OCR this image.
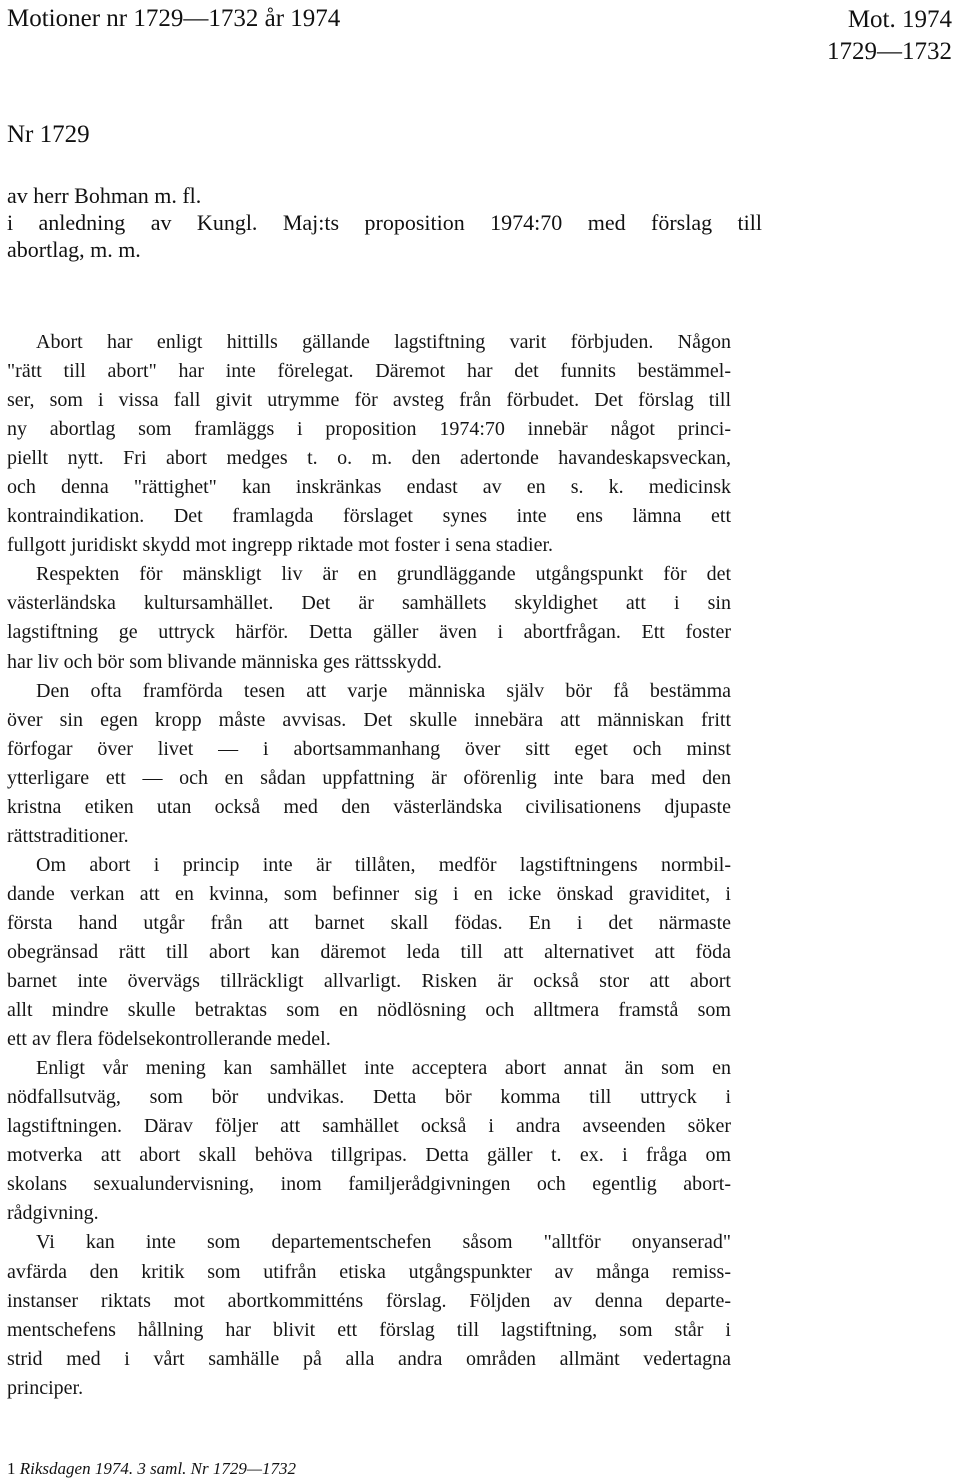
Motioner nr 1729—1732 år 1974	Mot. 1974
1729—1732
Nr 1729
av herr Bohman m. fl.
i anledning av Kungl. Maj:ts proposition 1974:70 med förslag till
abortlag, m. m.
Abort har enligt hittills gällande lagstiftning varit förbjuden. Någon
"rätt till abort" har inte förelegat. Däremot har det funnits bestämmel-
ser, som i vissa fall givit utrymme för avsteg från förbudet. Det förslag till
ny abortlag som framläggs i proposition 1974:70 innebär något princi-
piellt nytt. Fri abort medges t. o. m. den adertonde havandeskapsveckan,
och denna "rättighet" kan inskränkas endast av en s. k. medicinsk
kontraindikation. Det framlagda förslaget synes inte ens lämna ett
fullgott juridiskt skydd mot ingrepp riktade mot foster i sena stadier.
Respekten för mänskligt liv är en grundläggande utgångspunkt för det
västerländska kultursamhället. Det är samhällets skyldighet att i sin
lagstiftning ge uttryck härför. Detta gäller även i abortfrågan. Ett foster
har liv och bör som blivande människa ges rättsskydd.
Den ofta framförda tesen att varje människa själv bör få bestämma
över sin egen kropp måste avvisas. Det skulle innebära att människan fritt
förfogar över livet — i abortsammanhang över sitt eget och minst
ytterligare ett — och en sådan uppfattning är oförenlig inte bara med den
kristna etiken utan också med den västerländska civilisationens djupaste
rättstraditioner.
Om abort i princip inte är tillåten, medför lagstiftningens normbil-
dande verkan att en kvinna, som befinner sig i en icke önskad graviditet, i
första hand utgår från att barnet skall födas. En i det närmaste
obegränsad rätt till abort kan däremot leda till att alternativet att föda
barnet inte övervägs tillräckligt allvarligt. Risken är också stor att abort
allt mindre skulle betraktas som en nödlösning och alltmera framstå som
ett av flera födelsekontrollerande medel.
Enligt vår mening kan samhället inte acceptera abort annat än som en
nödfallsutväg, som bör undvikas. Detta bör komma till uttryck i
lagstiftningen. Därav följer att samhället också i andra avseenden söker
motverka att abort skall behöva tillgripas. Detta gäller t. ex. i fråga om
skolans sexualundervisning, inom familjerådgivningen och egentlig abort-
rådgivning.
Vi kan inte som departementschefen såsom "alltför onyanserad"
avfärda den kritik som utifrån etiska utgångspunkter av många remiss-
instanser riktats mot abortkommitténs förslag. Följden av denna departe-
mentschefens hållning har blivit ett förslag till lagstiftning, som står i
strid med i vårt samhälle på alla andra områden allmänt vedertagna
principer.
1 Riksdagen 1974. 3 saml. Nr 1729—1732
